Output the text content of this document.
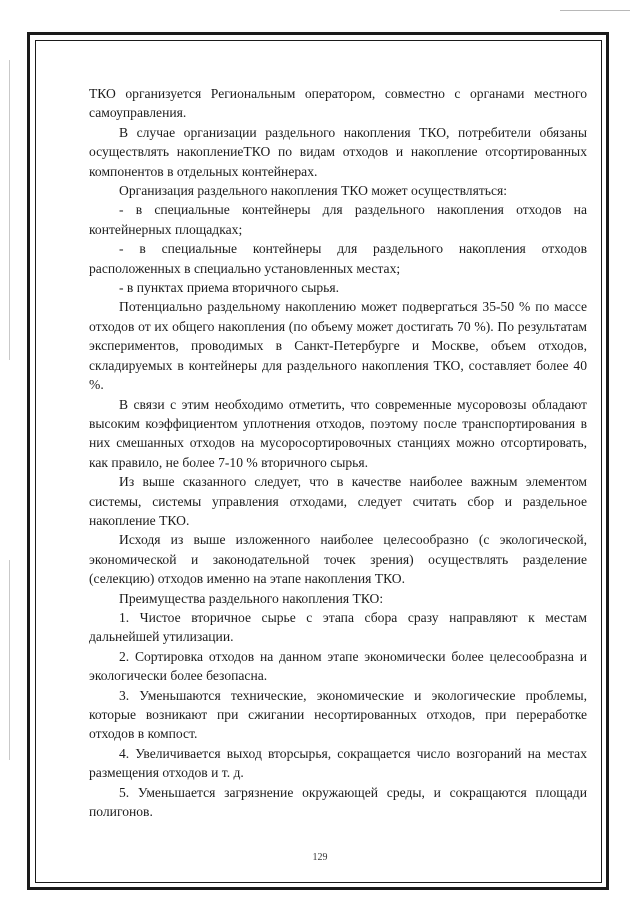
ТКО организуется Региональным оператором, совместно с органами местного самоуправления.

В случае организации раздельного накопления ТКО, потребители обязаны осуществлять накоплениеТКО по видам отходов и накопление отсортированных компонентов в отдельных контейнерах.

Организация раздельного накопления ТКО может осуществляться:

- в специальные контейнеры для раздельного накопления отходов на контейнерных площадках;

- в специальные контейнеры для раздельного накопления отходов расположенных в специально установленных местах;

- в пунктах приема вторичного сырья.

Потенциально раздельному накоплению может подвергаться 35-50 % по массе отходов от их общего накопления (по объему может достигать 70 %). По результатам экспериментов, проводимых в Санкт-Петербурге и Москве, объем отходов, складируемых в контейнеры для раздельного накопления ТКО, составляет более 40 %.

В связи с этим необходимо отметить, что современные мусоровозы обладают высоким коэффициентом уплотнения отходов, поэтому после транспортирования в них смешанных отходов на мусоросортировочных станциях можно отсортировать, как правило, не более 7-10 % вторичного сырья.

Из выше сказанного следует, что в качестве наиболее важным элементом системы, системы управления отходами, следует считать сбор и раздельное накопление ТКО.

Исходя из выше изложенного наиболее целесообразно (с экологической, экономической и законодательной точек зрения) осуществлять разделение (селекцию) отходов именно на этапе накопления ТКО.

Преимущества раздельного накопления ТКО:

1. Чистое вторичное сырье с этапа сбора сразу направляют к местам дальнейшей утилизации.

2. Сортировка отходов на данном этапе экономически более целесообразна и экологически более безопасна.

3. Уменьшаются технические, экономические и экологические проблемы, которые возникают при сжигании несортированных отходов, при переработке отходов в компост.

4. Увеличивается выход вторсырья, сокращается число возгораний на местах размещения отходов и т. д.

5. Уменьшается загрязнение окружающей среды, и сокращаются площади полигонов.

129
